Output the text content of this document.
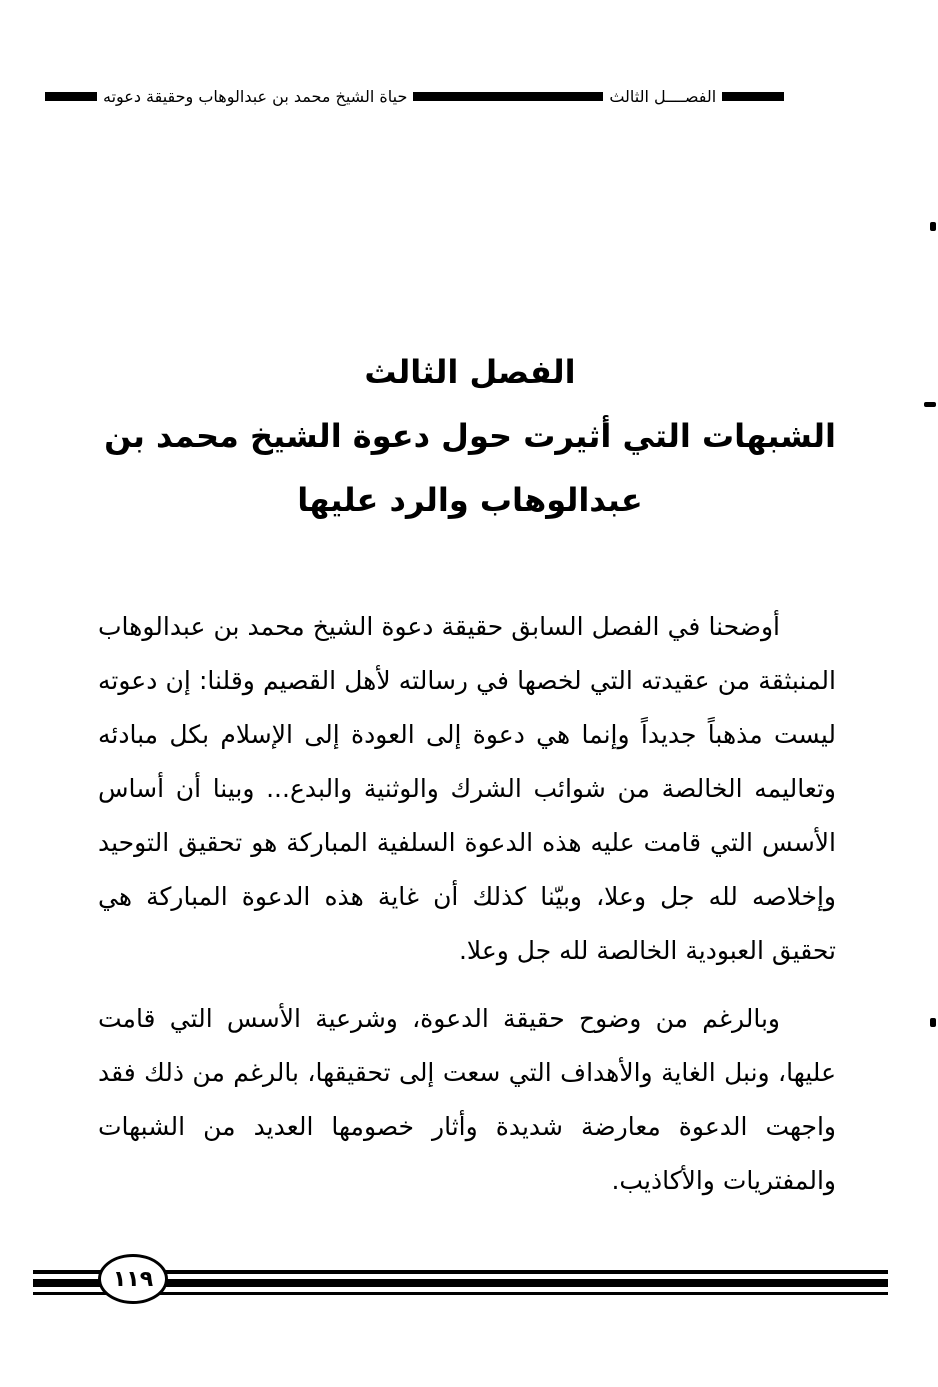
حياة الشيخ محمد بن عبدالوهاب وحقيقة دعوته	الفصــــل الثالث
الفصل الثالث
الشبهات التي أثيرت حول دعوة الشيخ محمد بن
عبدالوهاب والرد عليها

أوضحنا في الفصل السابق حقيقة دعوة الشيخ محمد بن عبدالوهاب المنبثقة من عقيدته التي لخصها في رسالته لأهل القصيم وقلنا: إن دعوته ليست مذهباً جديداً وإنما هي دعوة إلى العودة إلى الإسلام بكل مبادئه وتعاليمه الخالصة من شوائب الشرك والوثنية والبدع... وبينا أن أساس الأسس التي قامت عليه هذه الدعوة السلفية المباركة هو تحقيق التوحيد وإخلاصه لله جل وعلا، وبيّنا كذلك أن غاية هذه الدعوة المباركة هي تحقيق العبودية الخالصة لله جل وعلا.

وبالرغم من وضوح حقيقة الدعوة، وشرعية الأسس التي قامت عليها، ونبل الغاية والأهداف التي سعت إلى تحقيقها، بالرغم من ذلك فقد واجهت الدعوة معارضة شديدة وأثار خصومها العديد من الشبهات والمفتريات والأكاذيب.

١١٩
